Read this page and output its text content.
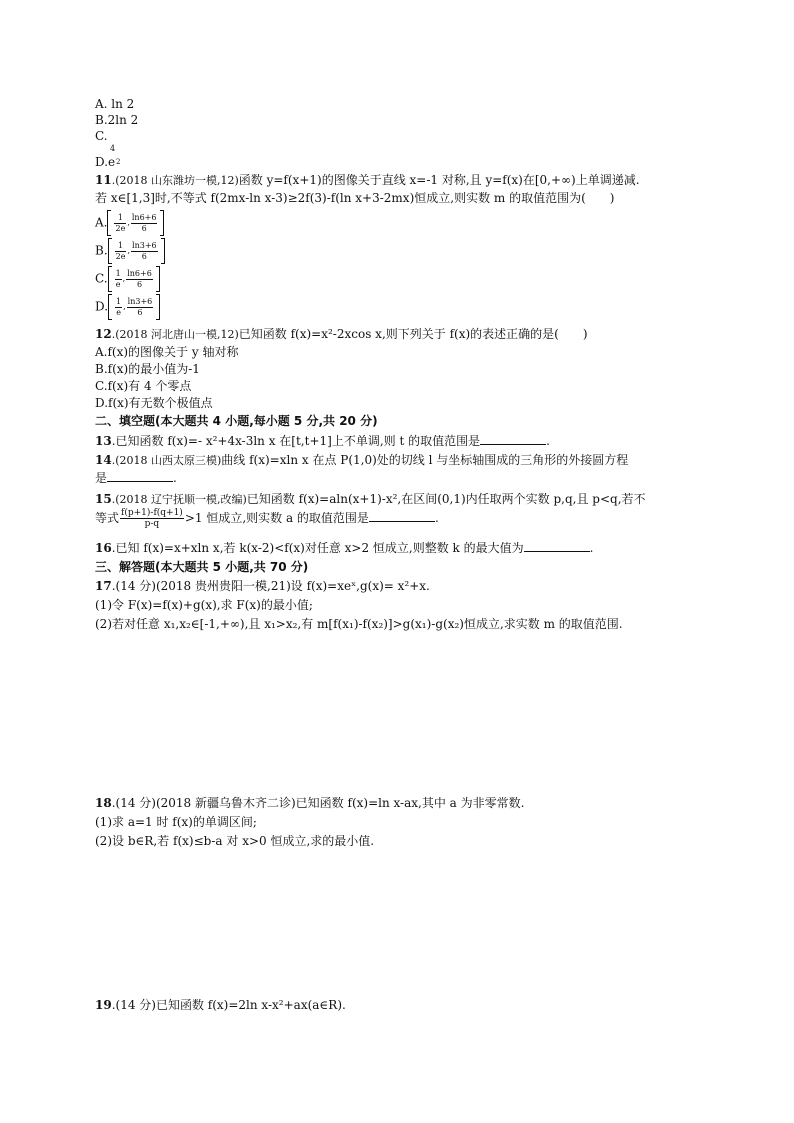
A. ln 2
B.2ln 2
C.
D.e
4
2
11.(2018 山东潍坊一模,12)函数 y=f(x+1)的图像关于直线 x=-1 对称,且 y=f(x)在[0,+∞)上单调递减.
若 x∈[1,3]时,不等式 f(2mx-ln x-3)≥2f(3)-f(ln x+3-2mx)恒成立,则实数 m 的取值范围为(　　)
A. $\frac{1}{2e}$ , $\frac{\ln 6+6}{6}$
B. $\frac{1}{2e}$ , $\frac{\ln 3+6}{6}$
C. $\frac{1}{e}$ , $\frac{\ln 6+6}{6}$
D. $\frac{1}{e}$ , $\frac{\ln 3+6}{6}$
12.(2018 河北唐山一模,12)已知函数 f(x)=x²-2xcos x,则下列关于 f(x)的表述正确的是(　　)
A.f(x)的图像关于 y 轴对称
B.f(x)的最小值为-1
C.f(x)有 4 个零点
D.f(x)有无数个极值点
二、填空题(本大题共 4 小题,每小题 5 分,共 20 分)
13.已知函数 f(x)=- x²+4x-3ln x 在[t,t+1]上不单调,则 t 的取值范围是	.
14.(2018 山西太原三模)曲线 f(x)=xln x 在点 P(1,0)处的切线 l 与坐标轴围成的三角形的外接圆方程
是	.
15.(2018 辽宁抚顺一模,改编)已知函数 f(x)=aln(x+1)-x²,在区间(0,1)内任取两个实数 p,q,且 p<q,若不
等式 $\frac{f(p+1)-f(q+1)}{p-q} >1$ 恒成立,则实数 a 的取值范围是	.
16.已知 f(x)=x+xln x,若 k(x-2)<f(x)对任意 x>2 恒成立,则整数 k 的最大值为	.
三、解答题(本大题共 5 小题,共 70 分)
17.(14 分)(2018 贵州贵阳一模,21)设 f(x)=xeˣ,g(x)= x²+x.
(1)令 F(x)=f(x)+g(x),求 F(x)的最小值;
(2)若对任意 x₁,x₂∈[-1,+∞),且 x₁>x₂,有 m[f(x₁)-f(x₂)]>g(x₁)-g(x₂)恒成立,求实数 m 的取值范围.
18.(14 分)(2018 新疆乌鲁木齐二诊)已知函数 f(x)=ln x-ax,其中 a 为非零常数.
(1)求 a=1 时 f(x)的单调区间;
(2)设 b∈R,若 f(x)≤b-a 对 x>0 恒成立,求的最小值.
19.(14 分)已知函数 f(x)=2ln x-x²+ax(a∈R).
